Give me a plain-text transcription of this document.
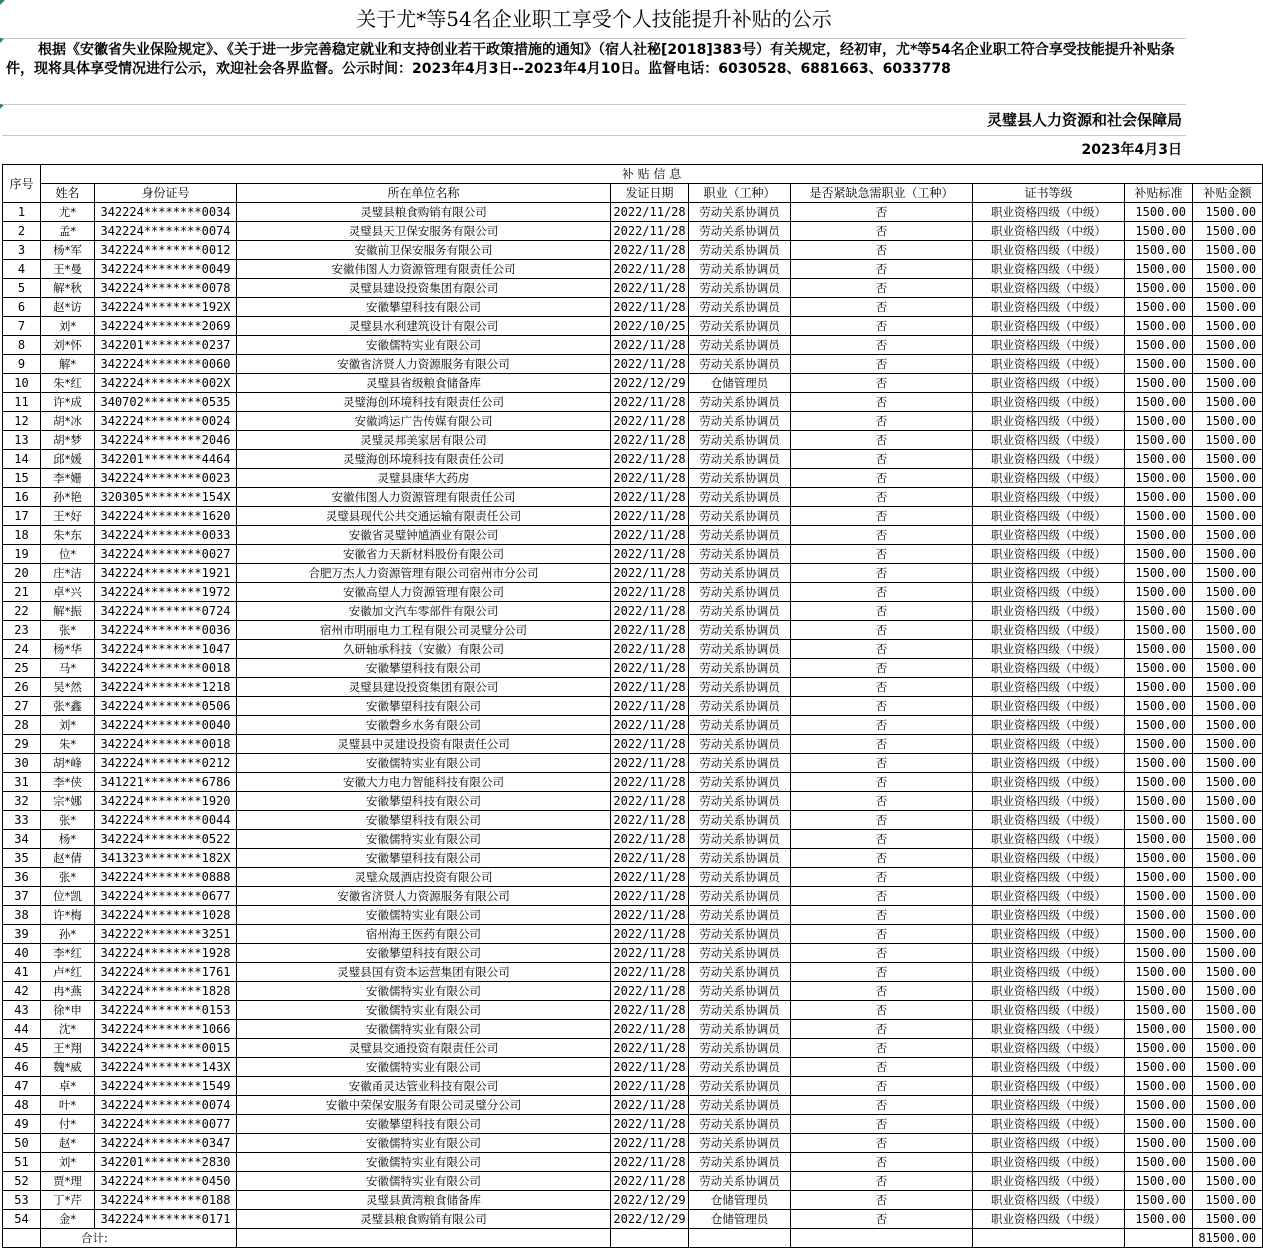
关于尤*等54名企业职工享受个人技能提升补贴的公示
根据《安徽省失业保险规定》、《关于进一步完善稳定就业和支持创业若干政策措施的通知》（宿人社秘[2018]383号）有关规定，经初审，尤*等54名企业职工符合享受技能提升补贴条件，现将具体享受情况进行公示，欢迎社会各界监督。公示时间：2023年4月3日--2023年4月10日。监督电话：6030528、6881663、6033778
灵璧县人力资源和社会保障局
2023年4月3日
序号	补 贴 信 息								
	姓名	身份证号	所在单位名称	发证日期	职业（工种）	是否紧缺急需职业（工种）	证书等级	补贴标准	补贴金额
1	尤*	342224********0034	灵璧县粮食购销有限公司	2022/11/28	劳动关系协调员	否	职业资格四级（中级）	1500.00	1500.00
2	孟*	342224********0074	灵璧县天卫保安服务有限公司	2022/11/28	劳动关系协调员	否	职业资格四级（中级）	1500.00	1500.00
3	杨*军	342224********0012	安徽前卫保安服务有限公司	2022/11/28	劳动关系协调员	否	职业资格四级（中级）	1500.00	1500.00
4	王*曼	342224********0049	安徽伟图人力资源管理有限责任公司	2022/11/28	劳动关系协调员	否	职业资格四级（中级）	1500.00	1500.00
5	解*秋	342224********0078	灵璧县建设投资集团有限公司	2022/11/28	劳动关系协调员	否	职业资格四级（中级）	1500.00	1500.00
6	赵*访	342224********192X	安徽攀望科技有限公司	2022/11/28	劳动关系协调员	否	职业资格四级（中级）	1500.00	1500.00
7	刘*	342224********2069	灵璧县水利建筑设计有限公司	2022/10/25	劳动关系协调员	否	职业资格四级（中级）	1500.00	1500.00
8	刘*怀	342201********0237	安徽儒特实业有限公司	2022/11/28	劳动关系协调员	否	职业资格四级（中级）	1500.00	1500.00
9	解*	342224********0060	安徽省济贤人力资源服务有限公司	2022/11/28	劳动关系协调员	否	职业资格四级（中级）	1500.00	1500.00
10	朱*红	342224********002X	灵璧县省级粮食储备库	2022/12/29	仓储管理员	否	职业资格四级（中级）	1500.00	1500.00
11	许*成	340702********0535	灵璧海创环境科技有限责任公司	2022/11/28	劳动关系协调员	否	职业资格四级（中级）	1500.00	1500.00
12	胡*冰	342224********0024	安徽鸿运广告传媒有限公司	2022/11/28	劳动关系协调员	否	职业资格四级（中级）	1500.00	1500.00
13	胡*梦	342224********2046	灵璧灵邦美家居有限公司	2022/11/28	劳动关系协调员	否	职业资格四级（中级）	1500.00	1500.00
14	邱*媛	342201********4464	灵璧海创环境科技有限责任公司	2022/11/28	劳动关系协调员	否	职业资格四级（中级）	1500.00	1500.00
15	李*姗	342224********0023	灵璧县康华大药房	2022/11/28	劳动关系协调员	否	职业资格四级（中级）	1500.00	1500.00
16	孙*艳	320305********154X	安徽伟图人力资源管理有限责任公司	2022/11/28	劳动关系协调员	否	职业资格四级（中级）	1500.00	1500.00
17	王*好	342224********1620	灵璧县现代公共交通运输有限责任公司	2022/11/28	劳动关系协调员	否	职业资格四级（中级）	1500.00	1500.00
18	朱*东	342224********0033	安徽省灵璧钟馗酒业有限公司	2022/11/28	劳动关系协调员	否	职业资格四级（中级）	1500.00	1500.00
19	位*	342224********0027	安徽省力天新材料股份有限公司	2022/11/28	劳动关系协调员	否	职业资格四级（中级）	1500.00	1500.00
20	庄*洁	342224********1921	合肥万杰人力资源管理有限公司宿州市分公司	2022/11/28	劳动关系协调员	否	职业资格四级（中级）	1500.00	1500.00
21	卓*兴	342224********1972	安徽高望人力资源管理有限公司	2022/11/28	劳动关系协调员	否	职业资格四级（中级）	1500.00	1500.00
22	解*振	342224********0724	安徽加文汽车零部件有限公司	2022/11/28	劳动关系协调员	否	职业资格四级（中级）	1500.00	1500.00
23	张*	342224********0036	宿州市明丽电力工程有限公司灵璧分公司	2022/11/28	劳动关系协调员	否	职业资格四级（中级）	1500.00	1500.00
24	杨*华	342224********1047	久研轴承科技（安徽）有限公司	2022/11/28	劳动关系协调员	否	职业资格四级（中级）	1500.00	1500.00
25	马*	342224********0018	安徽攀望科技有限公司	2022/11/28	劳动关系协调员	否	职业资格四级（中级）	1500.00	1500.00
26	吴*然	342224********1218	灵璧县建设投资集团有限公司	2022/11/28	劳动关系协调员	否	职业资格四级（中级）	1500.00	1500.00
27	张*鑫	342224********0506	安徽攀望科技有限公司	2022/11/28	劳动关系协调员	否	职业资格四级（中级）	1500.00	1500.00
28	刘*	342224********0040	安徽磬乡水务有限公司	2022/11/28	劳动关系协调员	否	职业资格四级（中级）	1500.00	1500.00
29	朱*	342224********0018	灵璧县中灵建设投资有限责任公司	2022/11/28	劳动关系协调员	否	职业资格四级（中级）	1500.00	1500.00
30	胡*峰	342224********0212	安徽儒特实业有限公司	2022/11/28	劳动关系协调员	否	职业资格四级（中级）	1500.00	1500.00
31	李*侠	341221********6786	安徽大力电力智能科技有限公司	2022/11/28	劳动关系协调员	否	职业资格四级（中级）	1500.00	1500.00
32	宗*娜	342224********1920	安徽攀望科技有限公司	2022/11/28	劳动关系协调员	否	职业资格四级（中级）	1500.00	1500.00
33	张*	342224********0044	安徽攀望科技有限公司	2022/11/28	劳动关系协调员	否	职业资格四级（中级）	1500.00	1500.00
34	杨*	342224********0522	安徽儒特实业有限公司	2022/11/28	劳动关系协调员	否	职业资格四级（中级）	1500.00	1500.00
35	赵*倩	341323********182X	安徽攀望科技有限公司	2022/11/28	劳动关系协调员	否	职业资格四级（中级）	1500.00	1500.00
36	张*	342224********0888	灵璧众晟酒店投资有限公司	2022/11/28	劳动关系协调员	否	职业资格四级（中级）	1500.00	1500.00
37	位*凯	342224********0677	安徽省济贤人力资源服务有限公司	2022/11/28	劳动关系协调员	否	职业资格四级（中级）	1500.00	1500.00
38	许*梅	342224********1028	安徽儒特实业有限公司	2022/11/28	劳动关系协调员	否	职业资格四级（中级）	1500.00	1500.00
39	孙*	342222********3251	宿州海王医药有限公司	2022/11/28	劳动关系协调员	否	职业资格四级（中级）	1500.00	1500.00
40	李*红	342224********1928	安徽攀望科技有限公司	2022/11/28	劳动关系协调员	否	职业资格四级（中级）	1500.00	1500.00
41	卢*红	342224********1761	灵璧县国有资本运营集团有限公司	2022/11/28	劳动关系协调员	否	职业资格四级（中级）	1500.00	1500.00
42	冉*燕	342224********1828	安徽儒特实业有限公司	2022/11/28	劳动关系协调员	否	职业资格四级（中级）	1500.00	1500.00
43	徐*申	342224********0153	安徽儒特实业有限公司	2022/11/28	劳动关系协调员	否	职业资格四级（中级）	1500.00	1500.00
44	沈*	342224********1066	安徽儒特实业有限公司	2022/11/28	劳动关系协调员	否	职业资格四级（中级）	1500.00	1500.00
45	王*翔	342224********0015	灵璧县交通投资有限责任公司	2022/11/28	劳动关系协调员	否	职业资格四级（中级）	1500.00	1500.00
46	魏*威	342224********143X	安徽儒特实业有限公司	2022/11/28	劳动关系协调员	否	职业资格四级（中级）	1500.00	1500.00
47	卓*	342224********1549	安徽甬灵达管业科技有限公司	2022/11/28	劳动关系协调员	否	职业资格四级（中级）	1500.00	1500.00
48	叶*	342224********0074	安徽中荣保安服务有限公司灵璧分公司	2022/11/28	劳动关系协调员	否	职业资格四级（中级）	1500.00	1500.00
49	付*	342224********0077	安徽攀望科技有限公司	2022/11/28	劳动关系协调员	否	职业资格四级（中级）	1500.00	1500.00
50	赵*	342224********0347	安徽儒特实业有限公司	2022/11/28	劳动关系协调员	否	职业资格四级（中级）	1500.00	1500.00
51	刘*	342201********2830	安徽儒特实业有限公司	2022/11/28	劳动关系协调员	否	职业资格四级（中级）	1500.00	1500.00
52	贾*理	342224********0450	安徽儒特实业有限公司	2022/11/28	劳动关系协调员	否	职业资格四级（中级）	1500.00	1500.00
53	丁*芹	342224********0188	灵璧县黄湾粮食储备库	2022/12/29	仓储管理员	否	职业资格四级（中级）	1500.00	1500.00
54	金*	342224********0171	灵璧县粮食购销有限公司	2022/12/29	仓储管理员	否	职业资格四级（中级）	1500.00	1500.00
	合计:								81500.00
